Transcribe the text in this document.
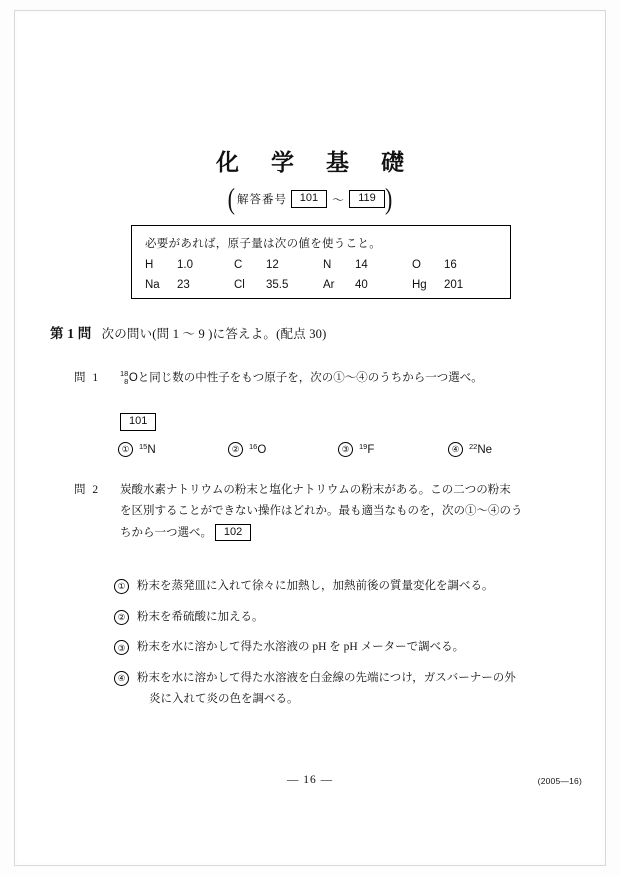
化 学 基 礎
( 解答番号	101	～	119 )
必要があれば，原子量は次の値を使うこと。
H	1.0	C	12	N	14	O	16
Na	23	Cl	35.5	Ar	40	Hg	201
第 1 問 次の問い(問 1 ～ 9 )に答えよ。(配点 30)
問 1	18
8Oと同じ数の中性子をもつ原子を，次の①～④のうちから一つ選べ。
101
①	15N	②	16O	③	19F	④	22Ne
問 2	炭酸水素ナトリウムの粉末と塩化ナトリウムの粉末がある。この二つの粉末
を区別することができない操作はどれか。最も適当なものを，次の①～④のう
ちから一つ選べ。 102
①	粉末を蒸発皿に入れて徐々に加熱し，加熱前後の質量変化を調べる。
②	粉末を希硫酸に加える。
③	粉末を水に溶かして得た水溶液の pH を pH メーターで調べる。
④	粉末を水に溶かして得た水溶液を白金線の先端につけ，ガスバーナーの外
炎に入れて炎の色を調べる。
― 16 ―	(2005—16)
